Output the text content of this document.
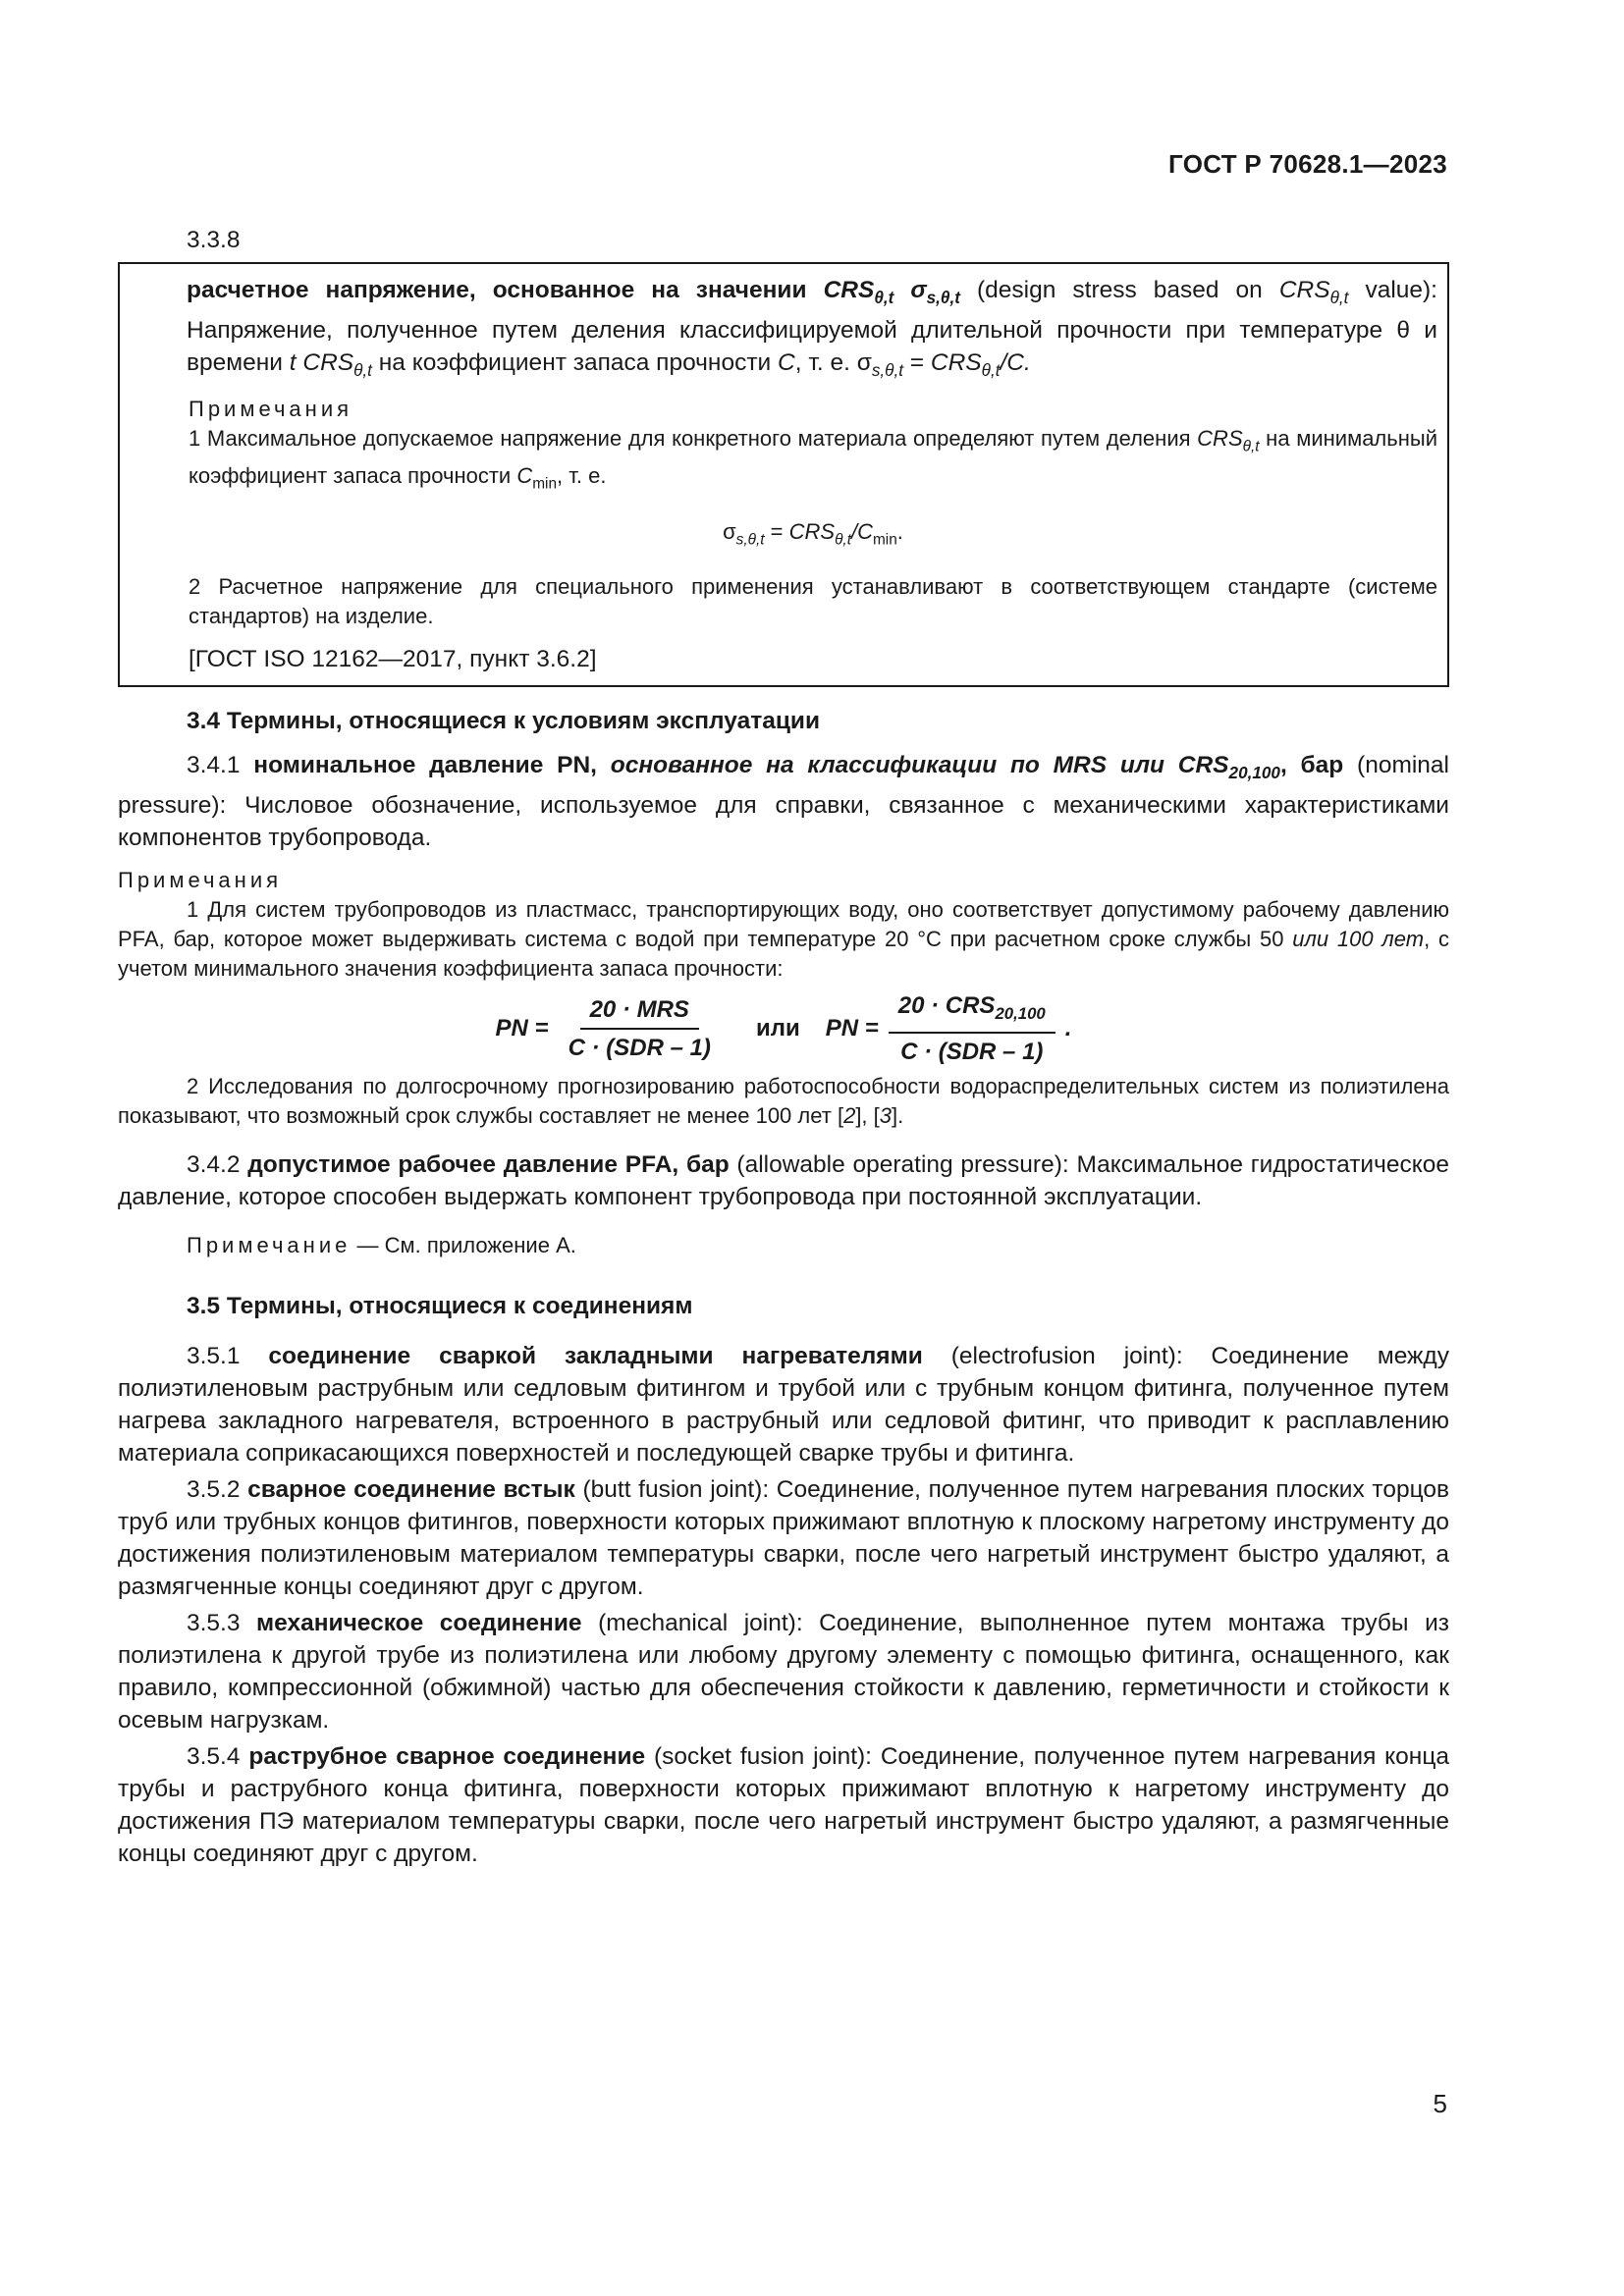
ГОСТ Р 70628.1—2023
3.3.8

расчетное напряжение, основанное на значении $CRS_{\theta,t}$ $\sigma_{s,\theta,t}$ (design stress based on $CRS_{\theta,t}$ value): Напряжение, полученное путем деления классифицируемой длительной прочности при температуре θ и времени t $CRS_{\theta,t}$ на коэффициент запаса прочности C, т. е. $\sigma_{s,\theta,t} = CRS_{\theta,t}/C$.

Примечания

1 Максимальное допускаемое напряжение для конкретного материала определяют путем деления $CRS_{\theta,t}$ на минимальный коэффициент запаса прочности $C_{min}$, т. е.

$\sigma_{s,\theta,t} = CRS_{\theta,t}/C_{min}$.

2 Расчетное напряжение для специального применения устанавливают в соответствующем стандарте (системе стандартов) на изделие.

[ГОСТ ISO 12162—2017, пункт 3.6.2]

3.4 Термины, относящиеся к условиям эксплуатации

3.4.1 номинальное давление PN, основанное на классификации по MRS или $CRS_{20,100}$, бар (nominal pressure): Числовое обозначение, используемое для справки, связанное с механическими характеристиками компонентов трубопровода.

Примечания

1 Для систем трубопроводов из пластмасс, транспортирующих воду, оно соответствует допустимому рабочему давлению PFA, бар, которое может выдерживать система с водой при температуре 20 °С при расчетном сроке службы 50 или 100 лет, с учетом минимального значения коэффициента запаса прочности:

PN = $\frac{\text{20 · MRS}}{\text{C · (SDR – 1)}}$ или PN = $\frac{20 \cdot CRS_{20,100}}{\text{C · (SDR – 1)}}$ .

2 Исследования по долгосрочному прогнозированию работоспособности водораспределительных систем из полиэтилена показывают, что возможный срок службы составляет не менее 100 лет [2], [3].

3.4.2 допустимое рабочее давление PFA, бар (allowable operating pressure): Максимальное гидростатическое давление, которое способен выдержать компонент трубопровода при постоянной эксплуатации.

Примечание — См. приложение А.

3.5 Термины, относящиеся к соединениям

3.5.1 соединение сваркой закладными нагревателями (electrofusion joint): Соединение между полиэтиленовым раструбным или седловым фитингом и трубой или с трубным концом фитинга, полученное путем нагрева закладного нагревателя, встроенного в раструбный или седловой фитинг, что приводит к расплавлению материала соприкасающихся поверхностей и последующей сварке трубы и фитинга.

3.5.2 сварное соединение встык (butt fusion joint): Соединение, полученное путем нагревания плоских торцов труб или трубных концов фитингов, поверхности которых прижимают вплотную к плоскому нагретому инструменту до достижения полиэтиленовым материалом температуры сварки, после чего нагретый инструмент быстро удаляют, а размягченные концы соединяют друг с другом.

3.5.3 механическое соединение (mechanical joint): Соединение, выполненное путем монтажа трубы из полиэтилена к другой трубе из полиэтилена или любому другому элементу с помощью фитинга, оснащенного, как правило, компрессионной (обжимной) частью для обеспечения стойкости к давлению, герметичности и стойкости к осевым нагрузкам.

3.5.4 раструбное сварное соединение (socket fusion joint): Соединение, полученное путем нагревания конца трубы и раструбного конца фитинга, поверхности которых прижимают вплотную к нагретому инструменту до достижения ПЭ материалом температуры сварки, после чего нагретый инструмент быстро удаляют, а размягченные концы соединяют друг с другом.

5
